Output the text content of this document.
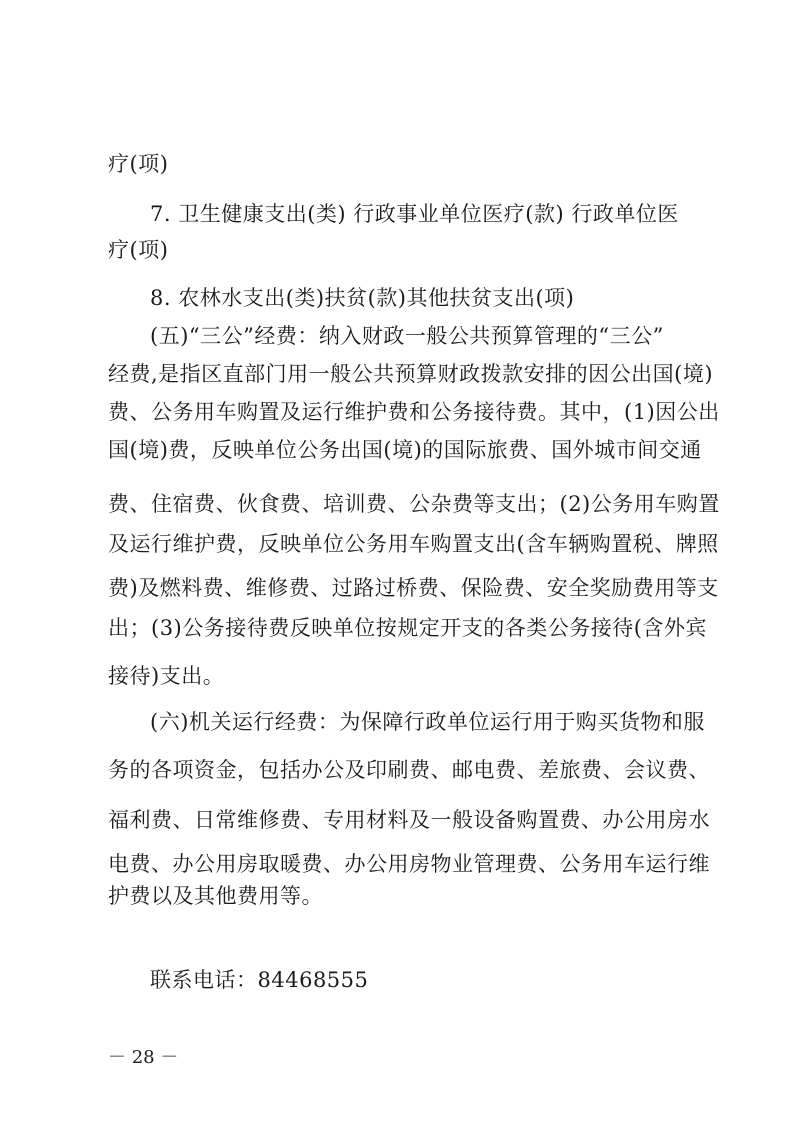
疗(项)
7. 卫生健康支出(类) 行政事业单位医疗(款) 行政单位医
疗(项)
8. 农林水支出(类)扶贫(款)其他扶贫支出(项)
(五)“三公”经费：纳入财政一般公共预算管理的“三公”
经费,是指区直部门用一般公共预算财政拨款安排的因公出国(境)
费、公务用车购置及运行维护费和公务接待费。其中，(1)因公出
国(境)费，反映单位公务出国(境)的国际旅费、国外城市间交通
费、住宿费、伙食费、培训费、公杂费等支出；(2)公务用车购置
及运行维护费，反映单位公务用车购置支出(含车辆购置税、牌照
费)及燃料费、维修费、过路过桥费、保险费、安全奖励费用等支
出；(3)公务接待费反映单位按规定开支的各类公务接待(含外宾
接待)支出。
(六)机关运行经费：为保障行政单位运行用于购买货物和服
务的各项资金，包括办公及印刷费、邮电费、差旅费、会议费、
福利费、日常维修费、专用材料及一般设备购置费、办公用房水
电费、办公用房取暖费、办公用房物业管理费、公务用车运行维
护费以及其他费用等。
联系电话：84468555
－ 28 －
